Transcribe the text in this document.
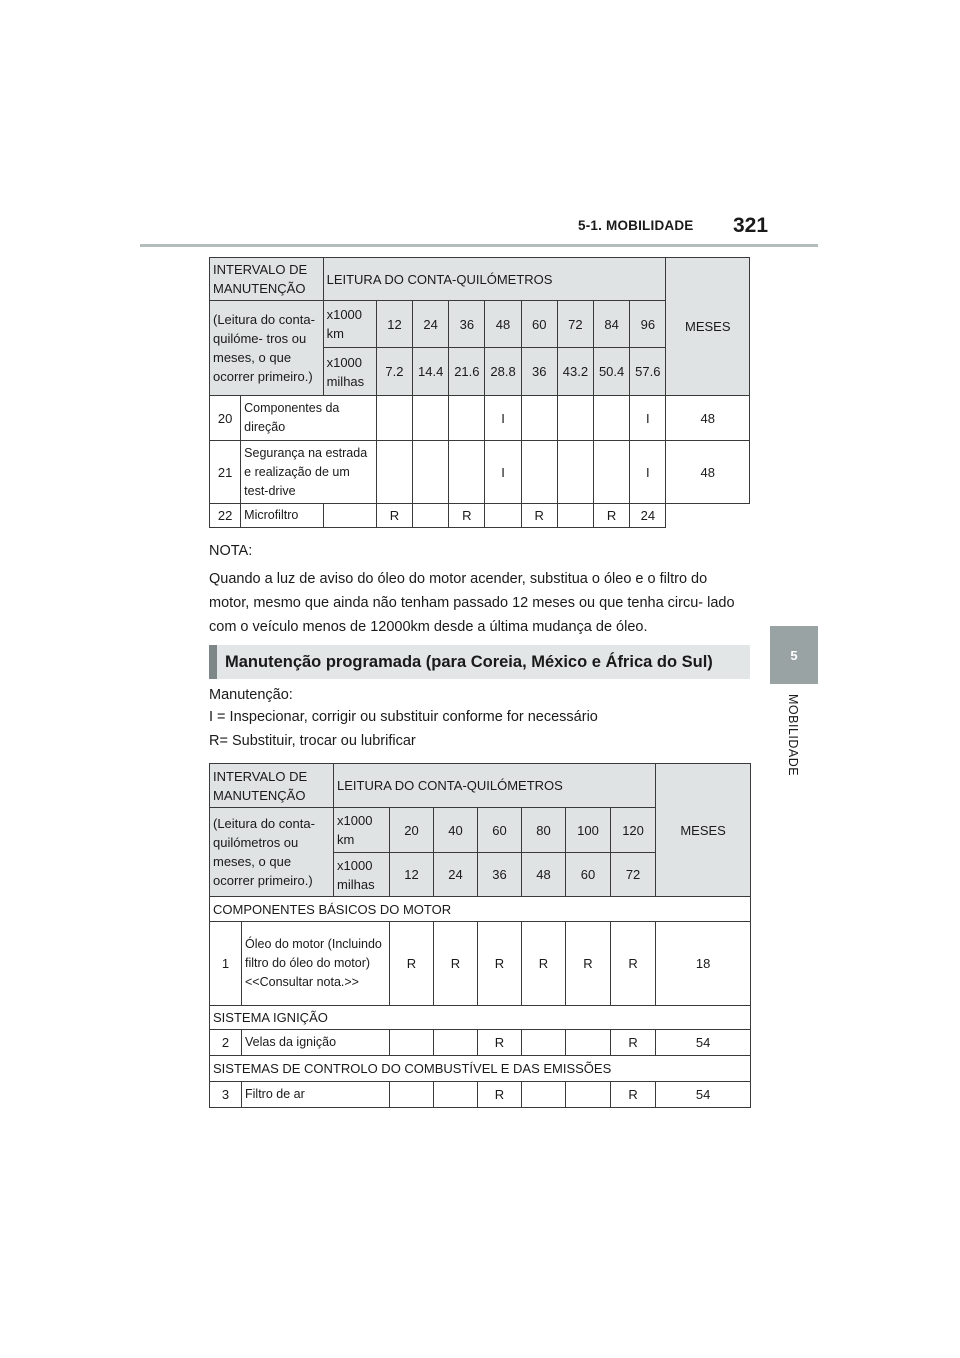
5-1. MOBILIDADE 321
5
MOBILIDADE
INTERVALO DE MANUTENÇÃO		LEITURA DO CONTA-QUILÓMETROS									MESES
(Leitura do conta-quilóme- tros ou meses, o que ocorrer primeiro.)		x1000 km	12	24	36	48	60	72	84	96	
		x1000 milhas	7.2	14.4	21.6	28.8	36	43.2	50.4	57.6	
20	Componentes da direção					I				I	48
21	Segurança na estrada e realização de um test-drive					I				I	48
22	Microfiltro		R		R		R		R	24	
NOTA:
Quando a luz de aviso do óleo do motor acender, substitua o óleo e o filtro do motor, mesmo que ainda não tenham passado 12 meses ou que tenha circu- lado com o veículo menos de 12000km desde a última mudança de óleo.
Manutenção programada (para Coreia, México e África do Sul)
Manutenção:
I = Inspecionar, corrigir ou substituir conforme for necessário
R= Substituir, trocar ou lubrificar
INTERVALO DE MANUTENÇÃO		LEITURA DO CONTA-QUILÓMETROS							MESES
(Leitura do conta-quilómetros ou meses, o que ocorrer primeiro.)		x1000 km	20	40	60	80	100	120	
		x1000 milhas	12	24	36	48	60	72	
COMPONENTES BÁSICOS DO MOTOR									
1	Óleo do motor (Incluindo filtro do óleo do motor) <<Consultar nota.>>		R	R	R	R	R	R	18
SISTEMA IGNIÇÃO									
2	Velas da ignição				R			R	54
SISTEMAS DE CONTROLO DO COMBUSTÍVEL E DAS EMISSÕES									
3	Filtro de ar				R			R	54
